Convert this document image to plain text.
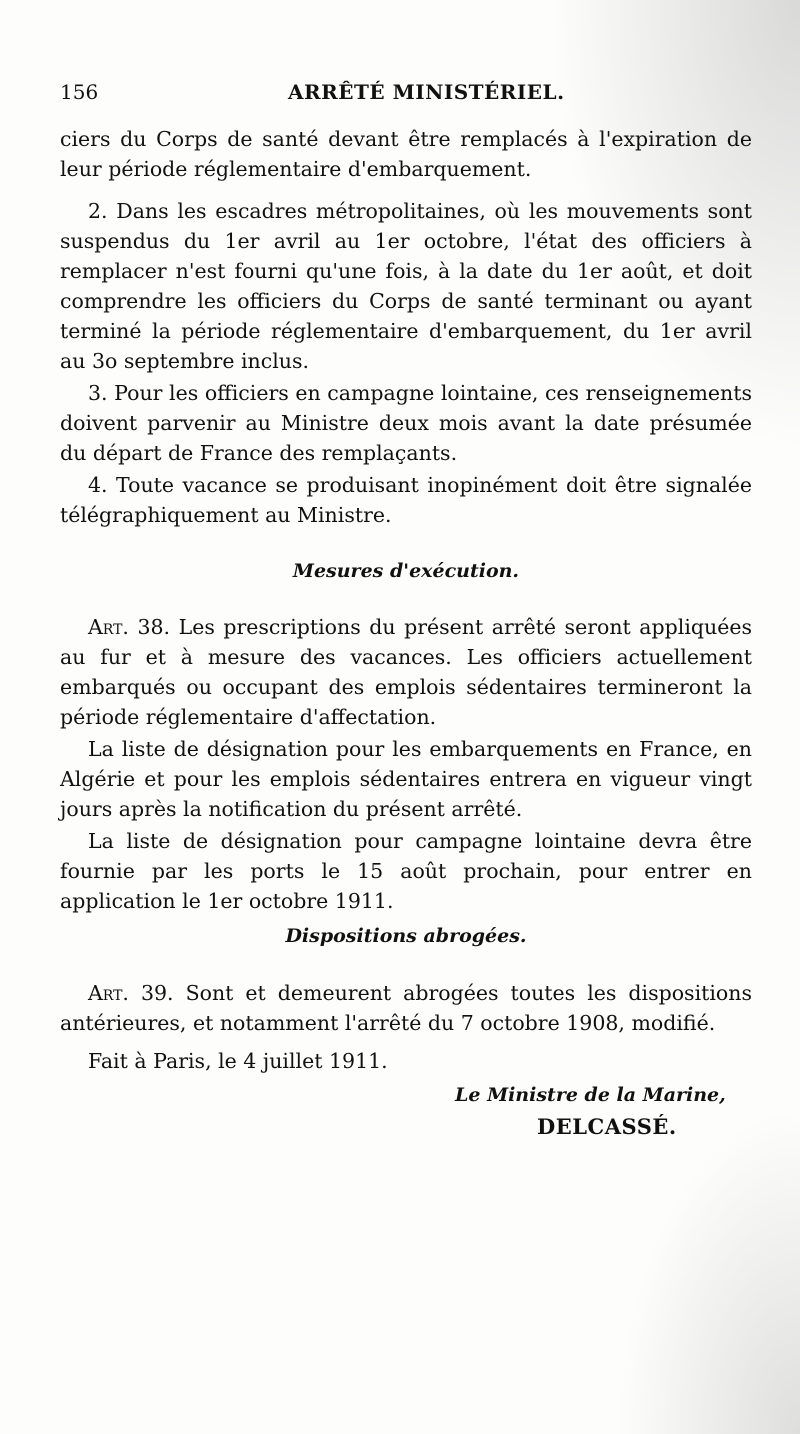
156	ARRÊTÉ MINISTÉRIEL.

ciers du Corps de santé devant être remplacés à l'expiration de leur période réglementaire d'embarquement.

2. Dans les escadres métropolitaines, où les mouvements sont suspendus du 1er avril au 1er octobre, l'état des officiers à remplacer n'est fourni qu'une fois, à la date du 1er août, et doit comprendre les officiers du Corps de santé terminant ou ayant terminé la période réglementaire d'embarquement, du 1er avril au 3o septembre inclus.

3. Pour les officiers en campagne lointaine, ces renseignements doivent parvenir au Ministre deux mois avant la date présumée du départ de France des remplaçants.

4. Toute vacance se produisant inopinément doit être signalée télégraphiquement au Ministre.

Mesures d'exécution.

Art. 38. Les prescriptions du présent arrêté seront appliquées au fur et à mesure des vacances. Les officiers actuellement embarqués ou occupant des emplois sédentaires termineront la période réglementaire d'affectation.

La liste de désignation pour les embarquements en France, en Algérie et pour les emplois sédentaires entrera en vigueur vingt jours après la notification du présent arrêté.

La liste de désignation pour campagne lointaine devra être fournie par les ports le 15 août prochain, pour entrer en application le 1er octobre 1911.

Dispositions abrogées.

Art. 39. Sont et demeurent abrogées toutes les dispositions antérieures, et notamment l'arrêté du 7 octobre 1908, modifié.

Fait à Paris, le 4 juillet 1911.

Le Ministre de la Marine,
DELCASSÉ.
